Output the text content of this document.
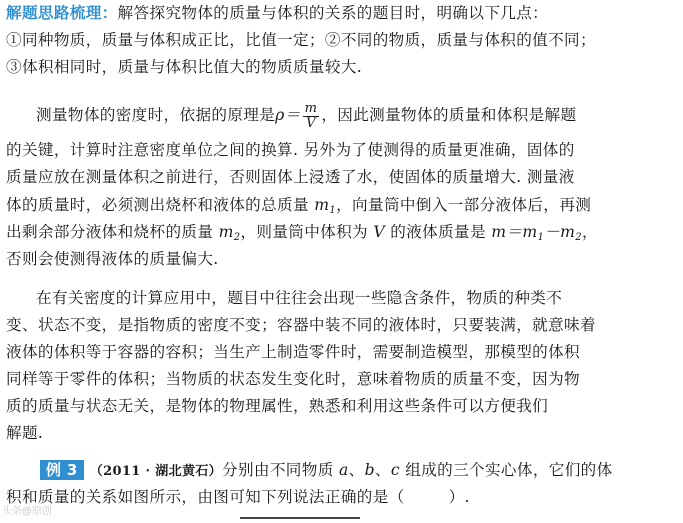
解题思路梳理：解答探究物体的质量与体积的关系的题目时，明确以下几点：
①同种物质，质量与体积成正比，比值一定；②不同的物质，质量与体积的值不同；
③体积相同时，质量与体积比值大的物质质量较大.
测量物体的密度时，依据的原理是$\rho= \frac{m}{V}$ ，因此测量物体的质量和体积是解题
的关键，计算时注意密度单位之间的换算. 另外为了使测得的质量更准确，固体的
质量应放在测量体积之前进行，否则固体上浸透了水，使固体的质量增大. 测量液
体的质量时，必须测出烧杯和液体的总质量 $m_1$，向量筒中倒入一部分液体后，再测
出剩余部分液体和烧杯的质量 $m_2$，则量筒中体积为 V 的液体质量是 $m=m_1-m_2$，
否则会使测得液体的质量偏大.
在有关密度的计算应用中，题目中往往会出现一些隐含条件，物质的种类不
变、状态不变，是指物质的密度不变；容器中装不同的液体时，只要装满，就意味着
液体的体积等于容器的容积；当生产上制造零件时，需要制造模型，那模型的体积
同样等于零件的体积；当物质的状态发生变化时，意味着物质的质量不变，因为物
质的质量与状态无关，是物体的物理属性，熟悉和利用这些条件可以方便我们
解题.
例 3 （2011 · 湖北黄石）分别由不同物质 a、b、c 组成的三个实心体，它们的体
积和质量的关系如图所示，由图可知下列说法正确的是（	）.
头条@原创
